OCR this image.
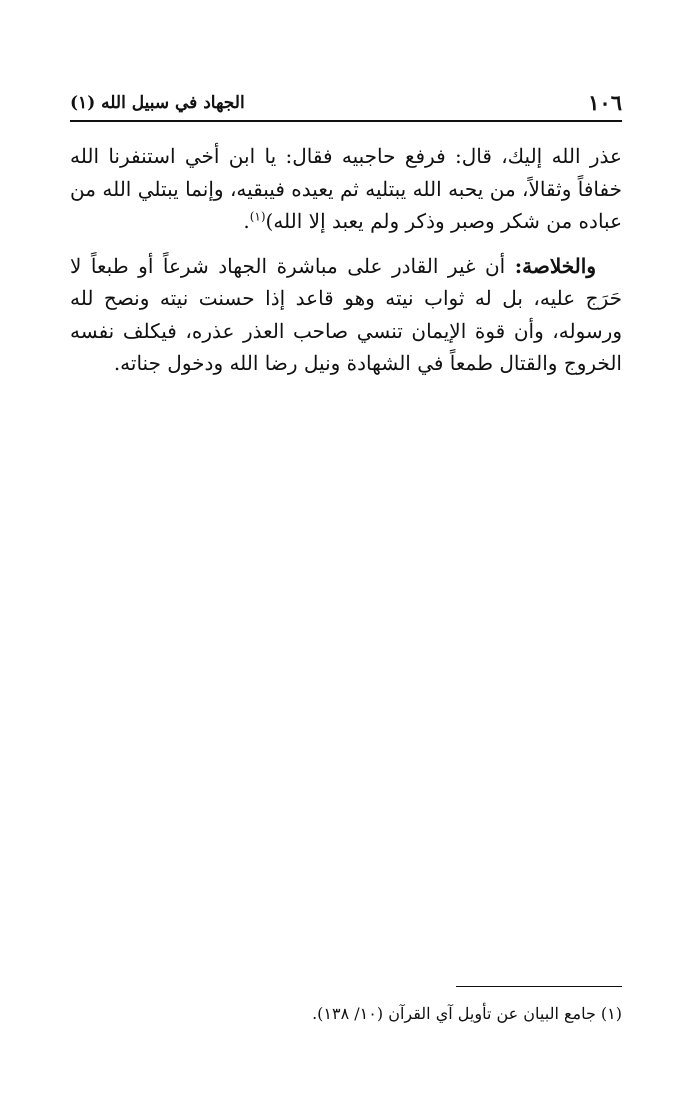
١٠٦
الجهاد في سبيل الله (١)

عذر الله إليك، قال: فرفع حاجبيه فقال: يا ابن أخي استنفرنا الله خفافاً وثقالاً، من يحبه الله يبتليه ثم يعيده فيبقيه، وإنما يبتلي الله من عباده من شكر وصبر وذكر ولم يعبد إلا الله)$^{(١)}$.

والخلاصة: أن غير القادر على مباشرة الجهاد شرعاً أو طبعاً لا حَرَج عليه، بل له ثواب نيته وهو قاعد إذا حسنت نيته ونصح لله ورسوله، وأن قوة الإيمان تنسي صاحب العذر عذره، فيكلف نفسه الخروج والقتال طمعاً في الشهادة ونيل رضا الله ودخول جناته.

(١) جامع البيان عن تأويل آي القرآن (١٠/ ١٣٨).
